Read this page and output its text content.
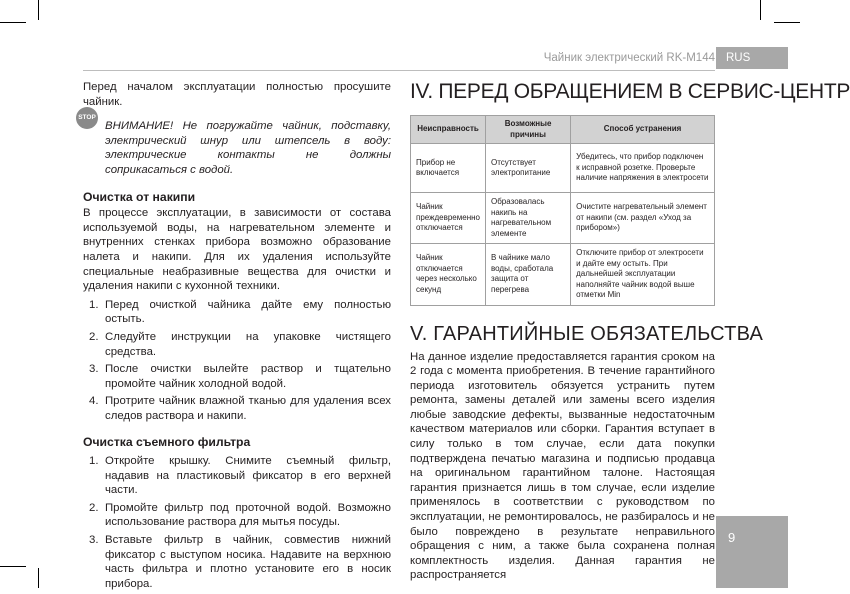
Чайник электрический RK-M144 RUS
STOP

Перед началом эксплуатации полностью просушите чайник.

ВНИМАНИЕ! Не погружайте чайник, подставку, электрический шнур или штепсель в воду: электрические контакты не должны соприкасаться с водой.

Очистка от накипи

В процессе эксплуатации, в зависимости от состава используемой воды, на нагревательном элементе и внутренних стенках прибора возможно образование налета и накипи. Для их удаления используйте специальные неабразивные вещества для очистки и удаления накипи с кухонной техники.

1. Перед очисткой чайника дайте ему полностью остыть.
2. Следуйте инструкции на упаковке чистящего средства.
3. После очистки вылейте раствор и тщательно промойте чайник холодной водой.
4. Протрите чайник влажной тканью для удаления всех следов раствора и накипи.
Очистка съемного фильтра
1. Откройте крышку. Снимите съемный фильтр, надавив на пластиковый фиксатор в его верхней части.
2. Промойте фильтр под проточной водой. Возможно использование раствора для мытья посуды.
3. Вставьте фильтр в чайник, совместив нижний фиксатор с выступом носика. Надавите на верхнюю часть фильтра и плотно установите его в носик прибора.
IV. ПЕРЕД ОБРАЩЕНИЕМ В СЕРВИС-ЦЕНТР
Неисправность	Возможные причины	Способ устранения
Прибор не включается	Отсутствует электропитание	Убедитесь, что прибор подключен к исправной розетке. Проверьте наличие напряжения в электросети
Чайник преждевременно отключается	Образовалась накипь на нагревательном элементе	Очистите нагревательный элемент от накипи (см. раздел «Уход за прибором»)
Чайник отключается через несколько секунд	В чайнике мало воды, сработала защита от перегрева	Отключите прибор от электросети и дайте ему остыть. При дальнейшей эксплуатации наполняйте чайник водой выше отметки Min
V. ГАРАНТИЙНЫЕ ОБЯЗАТЕЛЬСТВА

На данное изделие предоставляется гарантия сроком на 2 года с момента приобретения. В течение гарантийного периода изготовитель обязуется устранить путем ремонта, замены деталей или замены всего изделия любые заводские дефекты, вызванные недостаточным качеством материалов или сборки. Гарантия вступает в силу только в том случае, если дата покупки подтверждена печатью магазина и подписью продавца на оригинальном гарантийном талоне. Настоящая гарантия признается лишь в том случае, если изделие применялось в соответствии с руководством по эксплуатации, не ремонтировалось, не разбиралось и не было повреждено в результате неправильного обращения с ним, а также была сохранена полная комплектность изделия. Данная гарантия не распространяется

9
